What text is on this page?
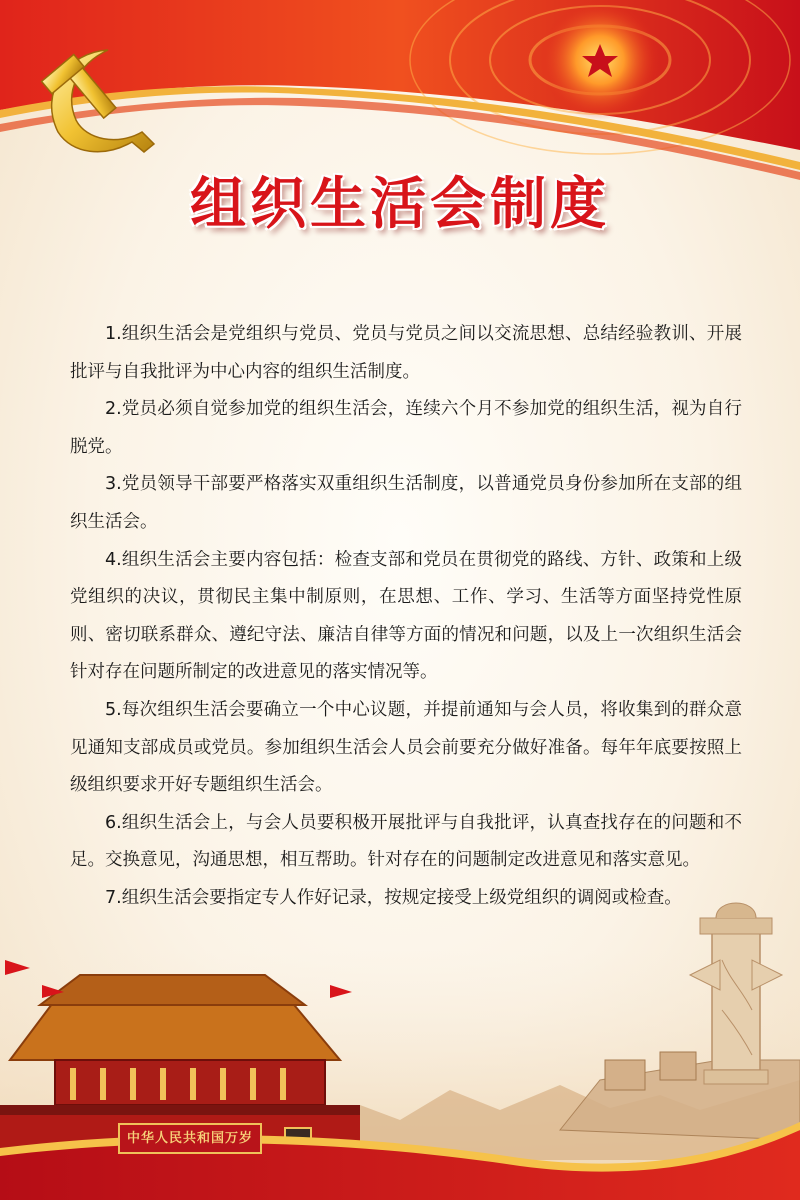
中华人民共和国万岁
组织生活会制度

1.组织生活会是党组织与党员、党员与党员之间以交流思想、总结经验教训、开展批评与自我批评为中心内容的组织生活制度。

2.党员必须自觉参加党的组织生活会，连续六个月不参加党的组织生活，视为自行脱党。

3.党员领导干部要严格落实双重组织生活制度，以普通党员身份参加所在支部的组织生活会。

4.组织生活会主要内容包括：检查支部和党员在贯彻党的路线、方针、政策和上级党组织的决议，贯彻民主集中制原则，在思想、工作、学习、生活等方面坚持党性原则、密切联系群众、遵纪守法、廉洁自律等方面的情况和问题，以及上一次组织生活会针对存在问题所制定的改进意见的落实情况等。

5.每次组织生活会要确立一个中心议题，并提前通知与会人员，将收集到的群众意见通知支部成员或党员。参加组织生活会人员会前要充分做好准备。每年年底要按照上级组织要求开好专题组织生活会。

6.组织生活会上，与会人员要积极开展批评与自我批评，认真查找存在的问题和不足。交换意见，沟通思想，相互帮助。针对存在的问题制定改进意见和落实意见。

7.组织生活会要指定专人作好记录，按规定接受上级党组织的调阅或检查。
